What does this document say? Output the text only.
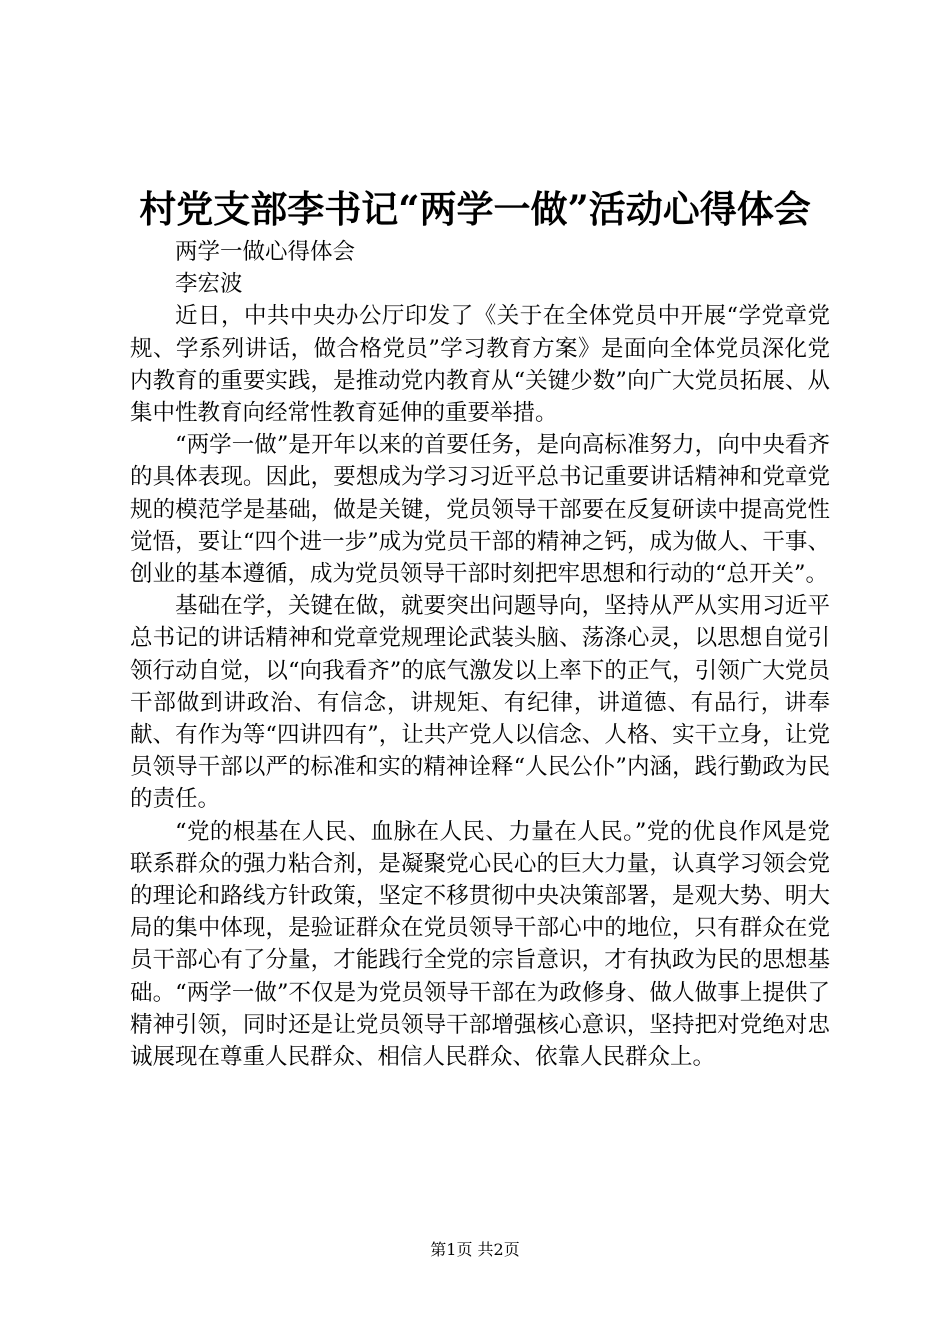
村党支部李书记“两学一做”活动心得体会

两学一做心得体会

李宏波

近日，中共中央办公厅印发了《关于在全体党员中开展“学党章党规、学系列讲话，做合格党员”学习教育方案》是面向全体党员深化党内教育的重要实践，是推动党内教育从“关键少数”向广大党员拓展、从集中性教育向经常性教育延伸的重要举措。

“两学一做”是开年以来的首要任务，是向高标准努力，向中央看齐的具体表现。因此，要想成为学习习近平总书记重要讲话精神和党章党规的模范学是基础，做是关键，党员领导干部要在反复研读中提高党性觉悟，要让“四个进一步”成为党员干部的精神之钙，成为做人、干事、创业的基本遵循，成为党员领导干部时刻把牢思想和行动的“总开关”。

基础在学，关键在做，就要突出问题导向，坚持从严从实用习近平总书记的讲话精神和党章党规理论武装头脑、荡涤心灵，以思想自觉引领行动自觉，以“向我看齐”的底气激发以上率下的正气，引领广大党员干部做到讲政治、有信念，讲规矩、有纪律，讲道德、有品行，讲奉献、有作为等“四讲四有”，让共产党人以信念、人格、实干立身，让党员领导干部以严的标准和实的精神诠释“人民公仆”内涵，践行勤政为民的责任。

“党的根基在人民、血脉在人民、力量在人民。”党的优良作风是党联系群众的强力粘合剂，是凝聚党心民心的巨大力量，认真学习领会党的理论和路线方针政策，坚定不移贯彻中央决策部署，是观大势、明大局的集中体现，是验证群众在党员领导干部心中的地位，只有群众在党员干部心有了分量，才能践行全党的宗旨意识，才有执政为民的思想基础。“两学一做”不仅是为党员领导干部在为政修身、做人做事上提供了精神引领，同时还是让党员领导干部增强核心意识，坚持把对党绝对忠诚展现在尊重人民群众、相信人民群众、依靠人民群众上。

第1页 共2页
